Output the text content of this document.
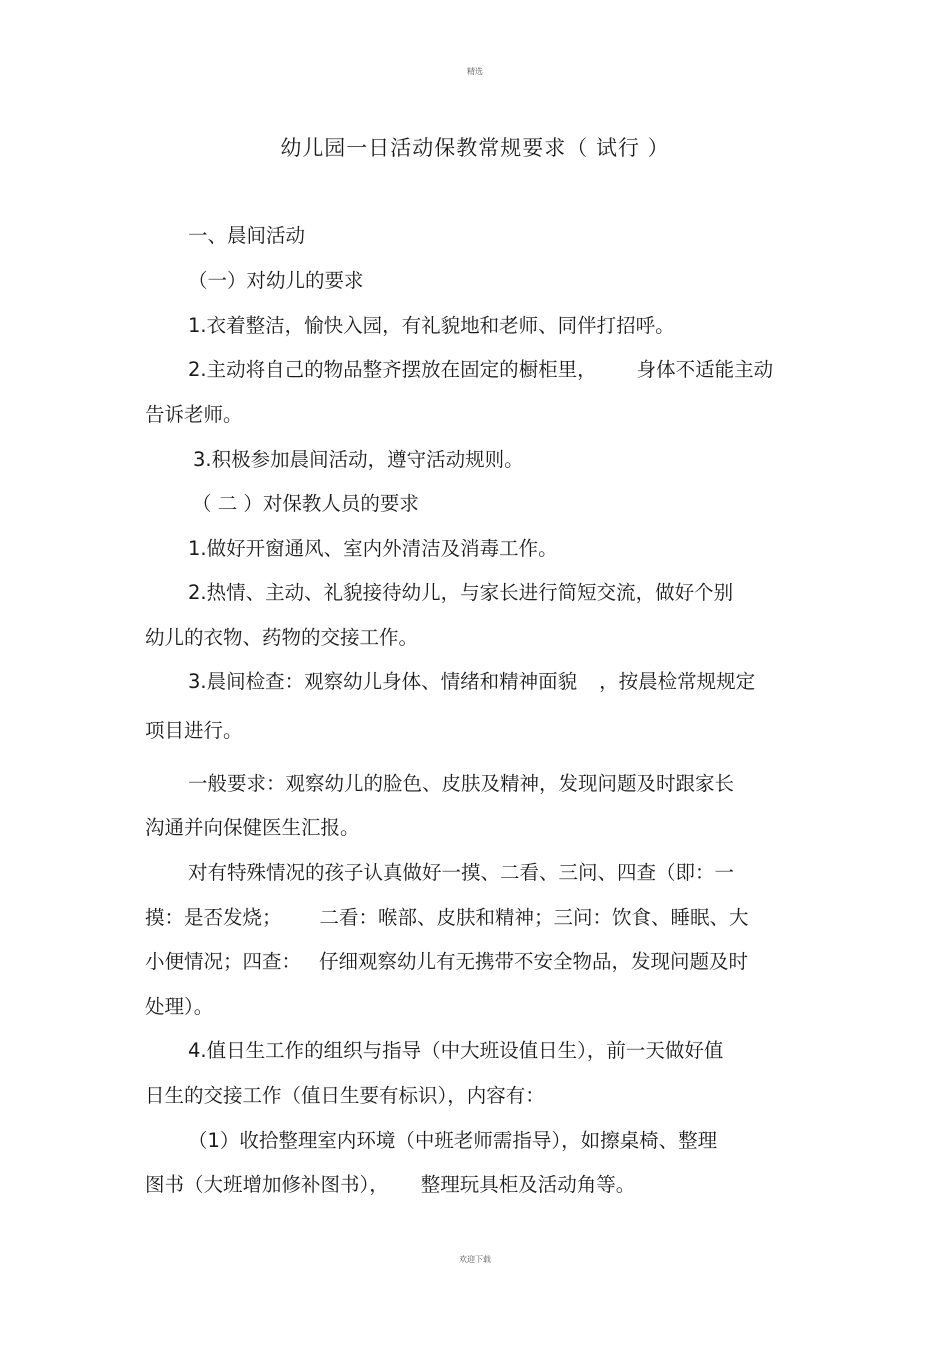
精选
幼儿园一日活动保教常规要求（ 试行 ）
一、晨间活动
（一）对幼儿的要求
1.衣着整洁，愉快入园，有礼貌地和老师、同伴打招呼。
2.主动将自己的物品整齐摆放在固定的橱柜里， 身体不适能主动
告诉老师。
3.积极参加晨间活动，遵守活动规则。
（ 二 ）对保教人员的要求
1.做好开窗通风、室内外清洁及消毒工作。
2.热情、主动、礼貌接待幼儿，与家长进行简短交流，做好个别
幼儿的衣物、药物的交接工作。
3.晨间检查：观察幼儿身体、情绪和精神面貌 ，按晨检常规规定
项目进行。
一般要求：观察幼儿的脸色、皮肤及精神，发现问题及时跟家长
沟通并向保健医生汇报。
对有特殊情况的孩子认真做好一摸、二看、三问、四查（即：一
摸：是否发烧； 二看：喉部、皮肤和精神；三问：饮食、睡眠、大
小便情况；四查： 仔细观察幼儿有无携带不安全物品，发现问题及时
处理）。
4.值日生工作的组织与指导（中大班设值日生），前一天做好值
日生的交接工作（值日生要有标识），内容有：
（1）收拾整理室内环境（中班老师需指导），如擦桌椅、整理
图书（大班增加修补图书）， 整理玩具柜及活动角等。
欢迎下载
